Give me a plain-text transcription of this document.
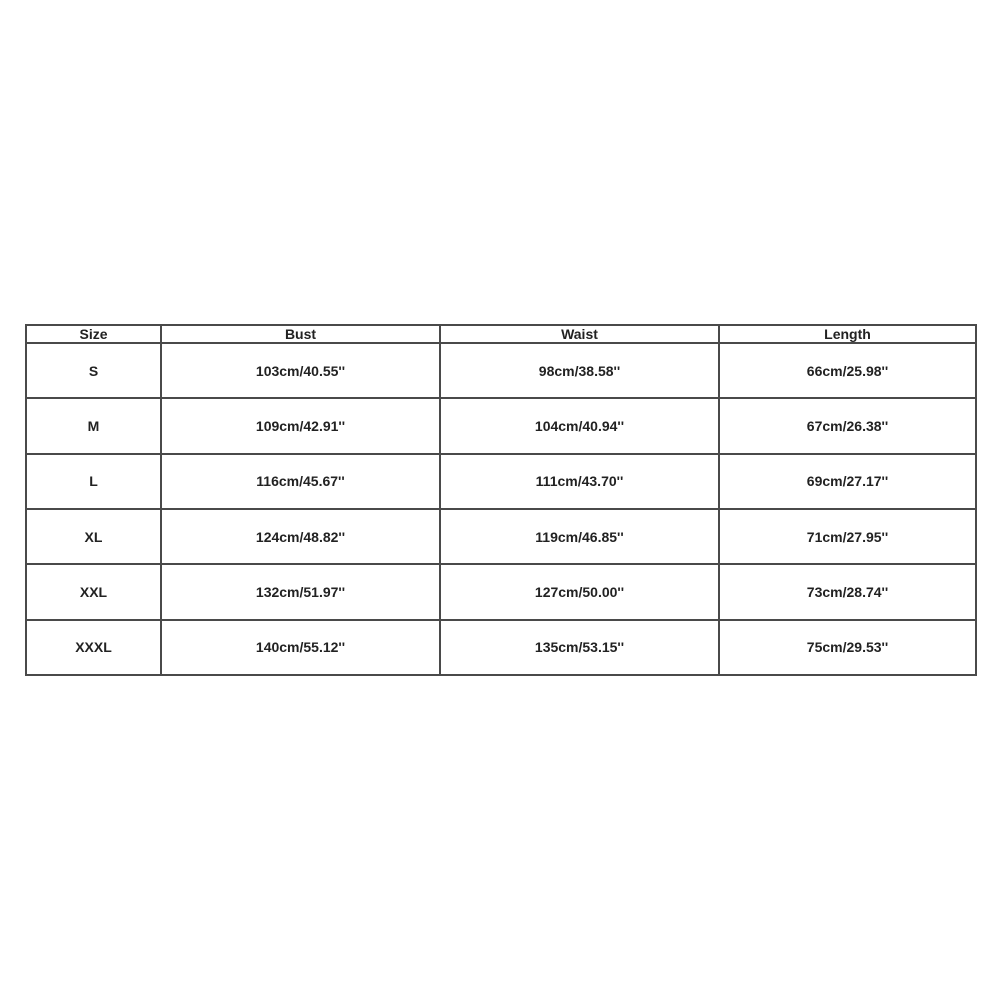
Size	Bust	Waist	Length
S	103cm/40.55''	98cm/38.58''	66cm/25.98''
M	109cm/42.91''	104cm/40.94''	67cm/26.38''
L	116cm/45.67''	111cm/43.70''	69cm/27.17''
XL	124cm/48.82''	119cm/46.85''	71cm/27.95''
XXL	132cm/51.97''	127cm/50.00''	73cm/28.74''
XXXL	140cm/55.12''	135cm/53.15''	75cm/29.53''
